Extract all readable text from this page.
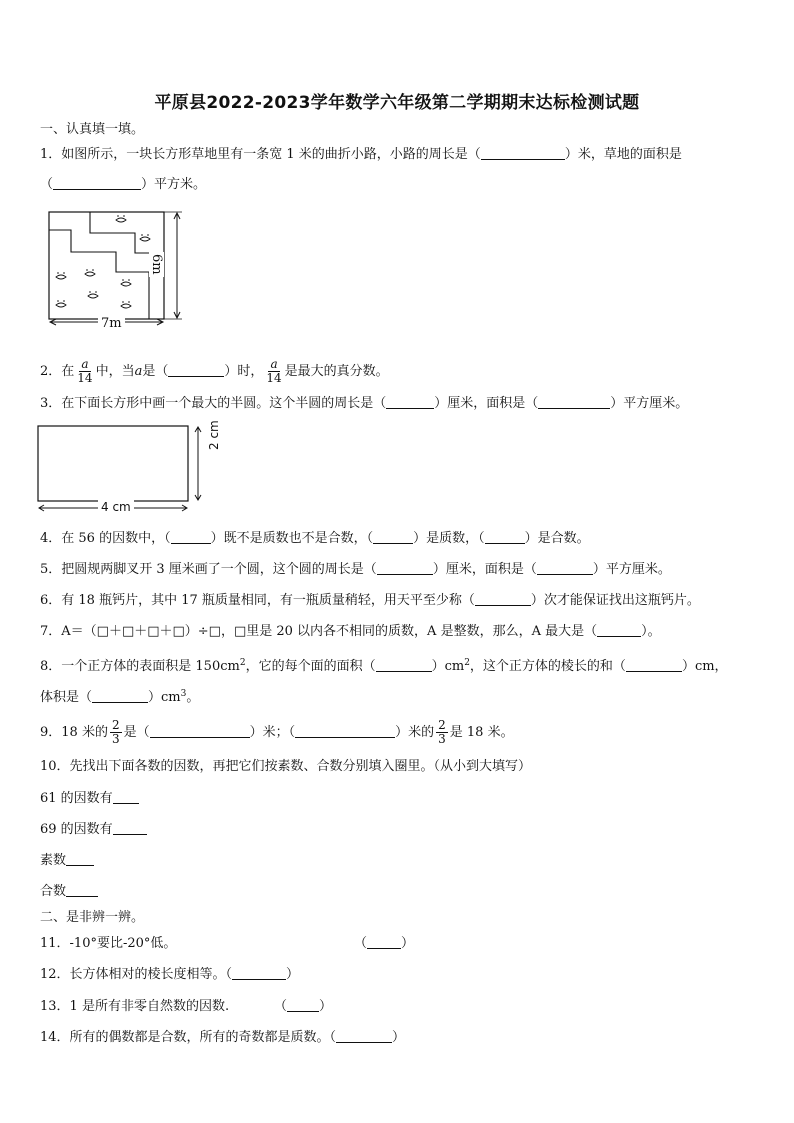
平原县2022-2023学年数学六年级第二学期期末达标检测试题
一、认真填一填。
1．如图所示，一块长方形草地里有一条宽 1 米的曲折小路，小路的周长是（	）米，草地的面积是
（	）平方米。
7m
6m
2．在 $\frac{a}{14}$ 中，当a是（	）时， $\frac{a}{14}$ 是最大的真分数。
3．在下面长方形中画一个最大的半圆。这个半圆的周长是（	）厘米，面积是（	）平方厘米。
4 cm
2 cm
4．在 56 的因数中，（	）既不是质数也不是合数，（	）是质数，（	）是合数。
5．把圆规两脚叉开 3 厘米画了一个圆，这个圆的周长是（	）厘米，面积是（	）平方厘米。
6．有 18 瓶钙片，其中 17 瓶质量相同，有一瓶质量稍轻，用天平至少称（	）次才能保证找出这瓶钙片。
7．A＝（□＋□＋□＋□）÷□，□里是 20 以内各不相同的质数，A 是整数，那么，A 最大是（	）。
8．一个正方体的表面积是 $150cm^2$，它的每个面的面积（	）$cm^2$，这个正方体的棱长的和（	）cm，
体积是（	）$cm^3$。
9．18 米的 $\frac{2}{3}$ 是（	）米；（	）米的 $\frac{2}{3}$ 是 18 米。
10．先找出下面各数的因数，再把它们按素数、合数分别填入圈里。（从小到大填写）
61 的因数有
69 的因数有
素数
合数
二、是非辨一辨。
11．-10°要比-20°低。	（	）
12．长方体相对的棱长度相等。（	）
13．1 是所有非零自然数的因数.	（ ）
14．所有的偶数都是合数，所有的奇数都是质数。（	）
